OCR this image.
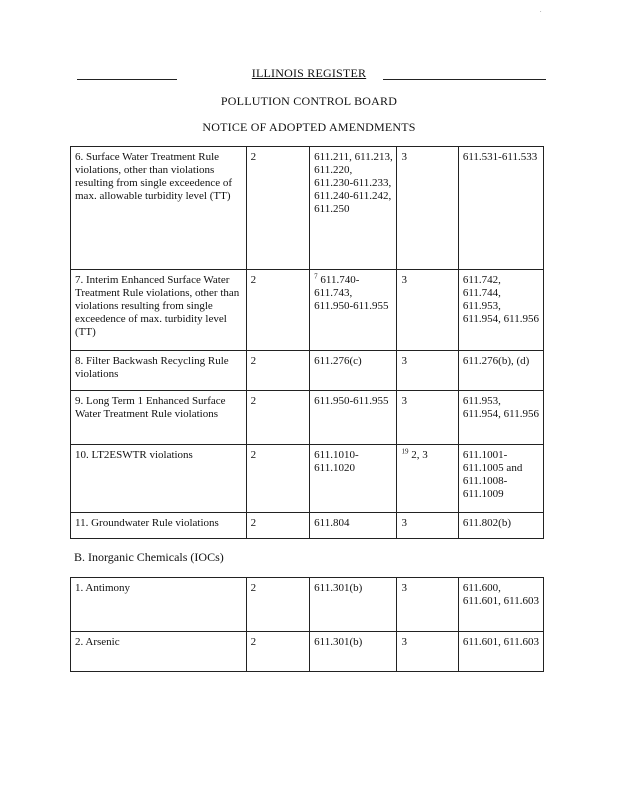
.
ILLINOIS REGISTER
POLLUTION CONTROL BOARD
NOTICE OF ADOPTED AMENDMENTS
6. Surface Water Treatment Rule violations, other than violations resulting from single exceedence of max. allowable turbidity level (TT)	2	611.211, 611.213, 611.220, 611.230-611.233, 611.240-611.242, 611.250	3	611.531-611.533
7. Interim Enhanced Surface Water Treatment Rule violations, other than violations resulting from single exceedence of max. turbidity level (TT)	2	$^7$ 611.740-611.743, 611.950-611.955	3	611.742, 611.744, 611.953, 611.954, 611.956
8. Filter Backwash Recycling Rule violations	2	611.276(c)	3	611.276(b), (d)
9. Long Term 1 Enhanced Surface Water Treatment Rule violations	2	611.950-611.955	3	611.953, 611.954, 611.956
10. LT2ESWTR violations	2	611.1010-611.1020	$^{19}$ 2, 3	611.1001-611.1005 and 611.1008-611.1009
11. Groundwater Rule violations	2	611.804	3	611.802(b)
B. Inorganic Chemicals (IOCs)
1. Antimony	2	611.301(b)	3	611.600, 611.601, 611.603
2. Arsenic	2	611.301(b)	3	611.601, 611.603
